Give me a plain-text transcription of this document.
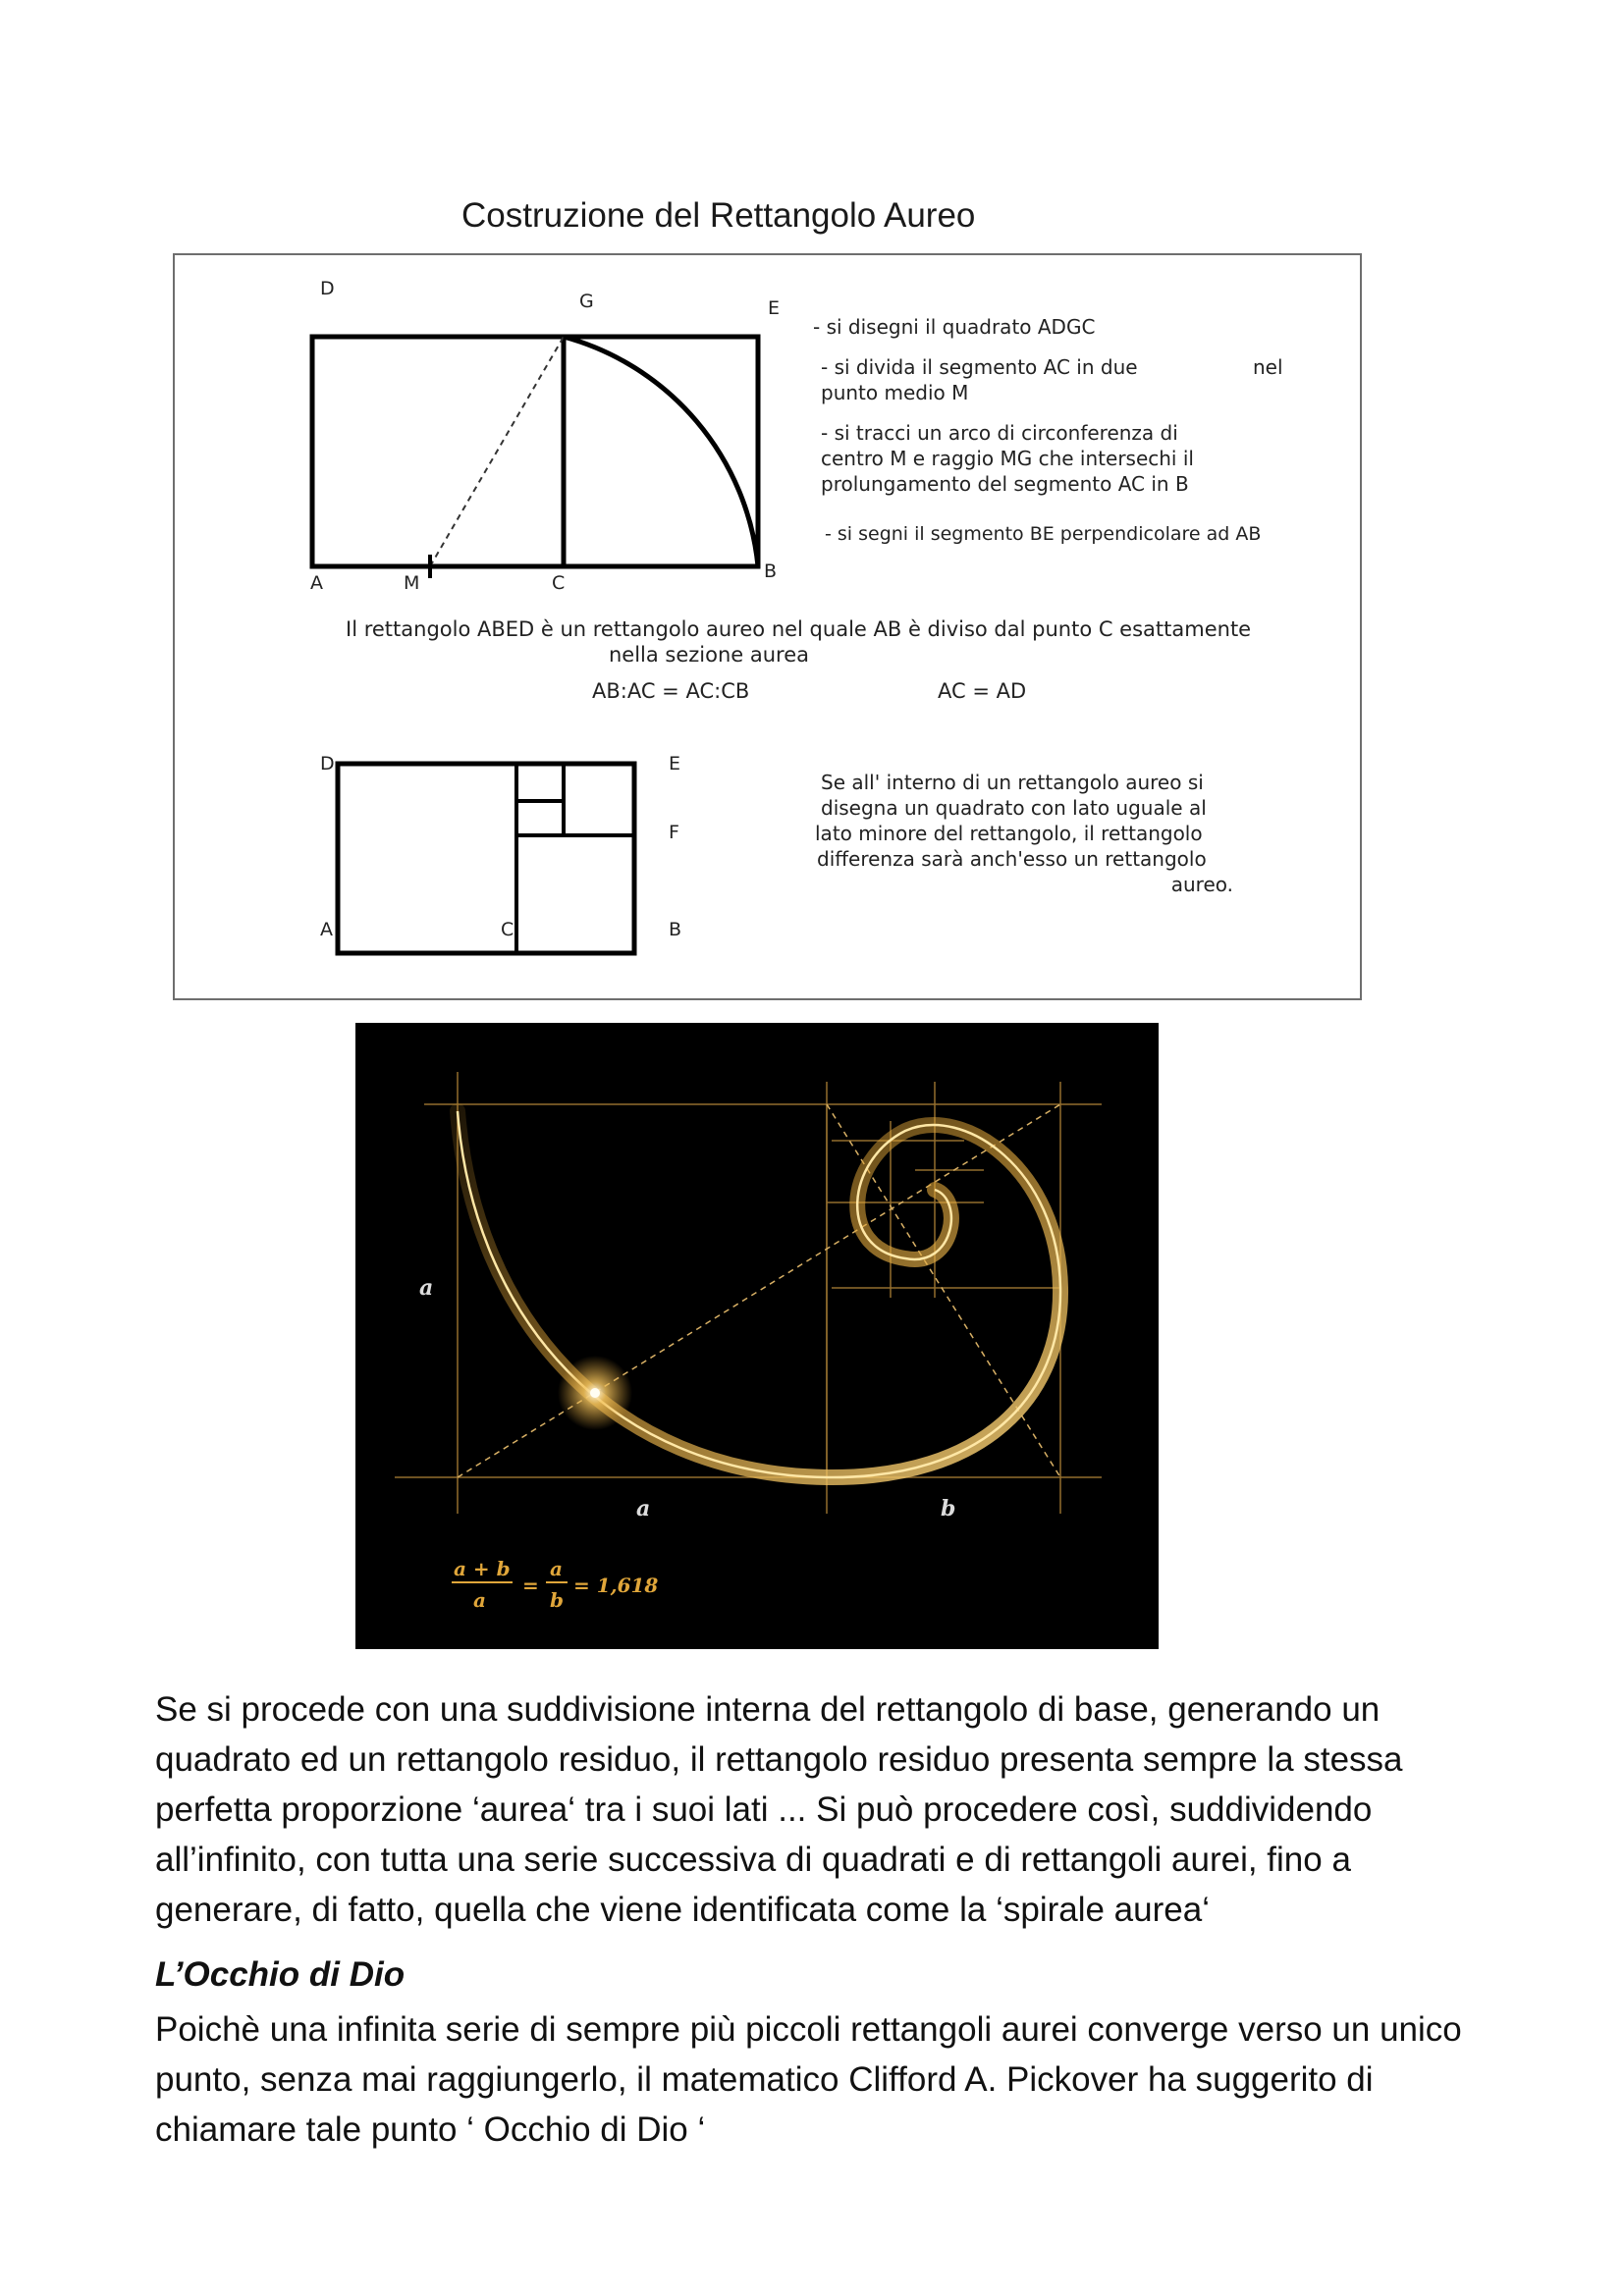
Costruzione del Rettangolo Aureo
D
G	E
A	M	C
B
- si disegni il quadrato ADGC
- si divida il segmento AC in due	nel
punto medio M
- si tracci un arco di circonferenza di
centro M e raggio MG che intersechi il
prolungamento del segmento AC in B
- si segni il segmento BE perpendicolare ad AB
Il rettangolo ABED è un rettangolo aureo nel quale AB è diviso dal punto C esattamente
nella sezione aurea
AB:AC = AC:CB	AC = AD
D	E
F
A	C	B
Se all' interno di un rettangolo aureo si
disegna un quadrato con lato uguale al
lato minore del rettangolo, il rettangolo
differenza sarà anch'esso un rettangolo
aureo.
a
a	b
a + b
a
=
a
b
= 1,618

Se si procede con una suddivisione interna del rettangolo di base, generando un quadrato ed un rettangolo residuo, il rettangolo residuo presenta sempre la stessa perfetta proporzione ‘aurea‘ tra i suoi lati ... Si può procedere così, suddividendo all’infinito, con tutta una serie successiva di quadrati e di rettangoli aurei, fino a generare, di fatto, quella che viene identificata come la ‘spirale aurea‘

L’Occhio di Dio

Poichè una infinita serie di sempre più piccoli rettangoli aurei converge verso un unico punto, senza mai raggiungerlo, il matematico Clifford A. Pickover ha suggerito di chiamare tale punto ‘ Occhio di Dio ‘
